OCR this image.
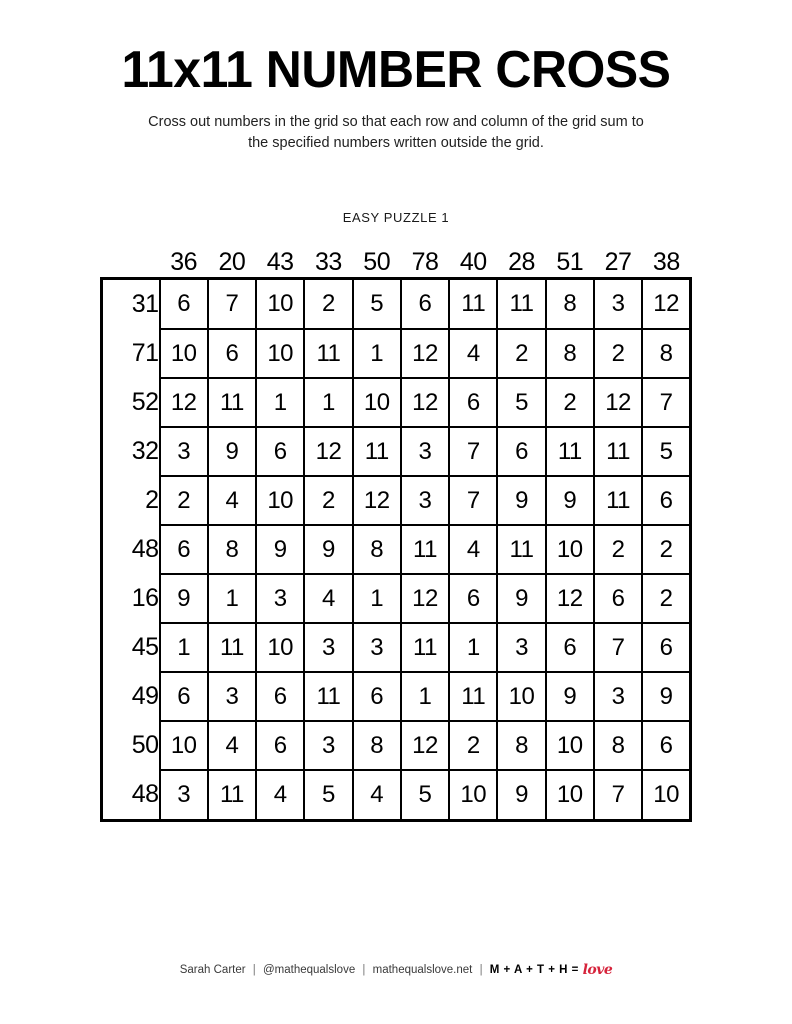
11x11 NUMBER CROSS
Cross out numbers in the grid so that each row and column of the grid sum to
the specified numbers written outside the grid.
EASY PUZZLE 1
	36	20	43	33	50	78	40	28	51	27	38
31	6	7	10	2	5	6	11	11	8	3	12
71	10	6	10	11	1	12	4	2	8	2	8
52	12	11	1	1	10	12	6	5	2	12	7
32	3	9	6	12	11	3	7	6	11	11	5
2	2	4	10	2	12	3	7	9	9	11	6
48	6	8	9	9	8	11	4	11	10	2	2
16	9	1	3	4	1	12	6	9	12	6	2
45	1	11	10	3	3	11	1	3	6	7	6
49	6	3	6	11	6	1	11	10	9	3	9
50	10	4	6	3	8	12	2	8	10	8	6
48	3	11	4	5	4	5	10	9	10	7	10
Sarah Carter | @mathequalslove | mathequalslove.net | M + A + T + H = love
